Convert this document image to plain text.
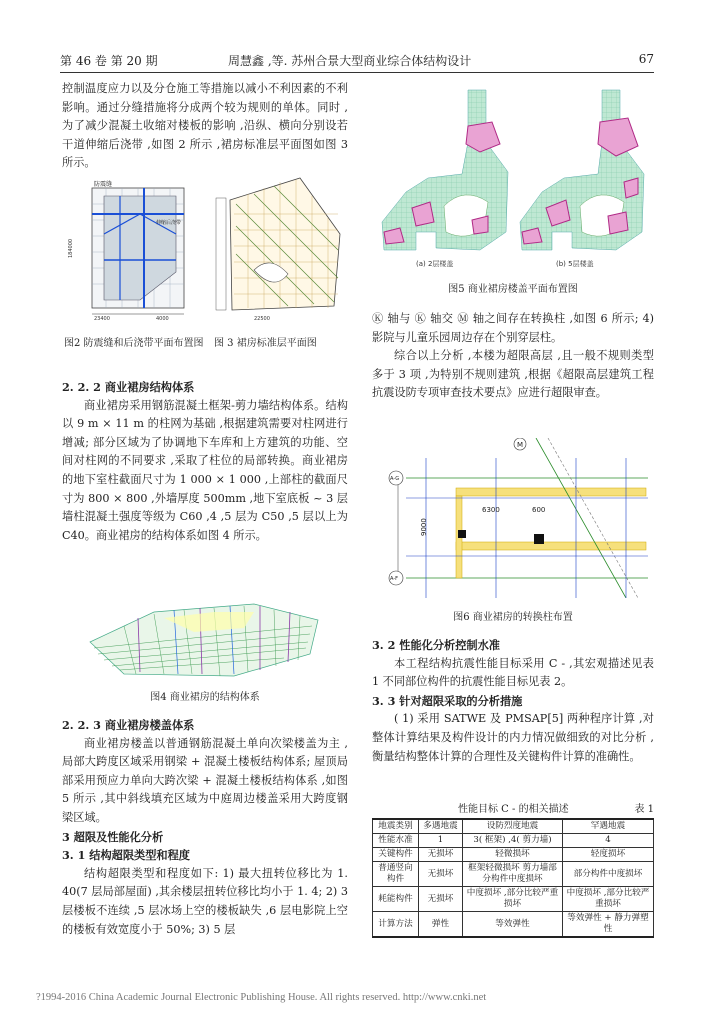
第 46 卷 第 20 期	周慧鑫 ,等. 苏州合景大型商业综合体结构设计	67

控制温度应力以及分仓施工等措施以减小不利因素的不利影响。通过分缝措施将分成两个较为规则的单体。同时 ,为了减少混凝土收缩对楼板的影响 ,沿纵、横向分别设若干道伸缩后浇带 ,如图 2 所示 ,裙房标准层平面图如图 3 所示。

防震缝
伸缩后浇带
184000
23400	4000	22500
图2 防震缝和后浇带平面布置图 图 3 裙房标准层平面图

2. 2. 2 商业裙房结构体系

商业裙房采用钢筋混凝土框架-剪力墙结构体系。结构以 9 m × 11 m 的柱网为基础 ,根据建筑需要对柱网进行增减; 部分区域为了协调地下车库和上方建筑的功能、空间对柱网的不同要求 ,采取了柱位的局部转换。商业裙房的地下室柱截面尺寸为 1 000 × 1 000 ,上部柱的截面尺寸为 800 × 800 ,外墙厚度 500mm ,地下室底板 ~ 3 层墙柱混凝土强度等级为 C60 ,4 ,5 层为 C50 ,5 层以上为 C40。商业裙房的结构体系如图 4 所示。

图4 商业裙房的结构体系

2. 2. 3 商业裙房楼盖体系

商业裙房楼盖以普通钢筋混凝土单向次梁楼盖为主 ,局部大跨度区域采用钢梁 + 混凝土楼板结构体系; 屋顶局部采用预应力单向大跨次梁 + 混凝土楼板结构体系 ,如图 5 所示 ,其中斜线填充区域为中庭周边楼盖采用大跨度钢梁区域。

3 超限及性能化分析

3. 1 结构超限类型和程度

结构超限类型和程度如下: 1) 最大扭转位移比为 1. 40(7 层局部屋面) ,其余楼层扭转位移比均小于 1. 4; 2) 3 层楼板不连续 ,5 层冰场上空的楼板缺失 ,6 层电影院上空的楼板有效宽度小于 50%; 3) 5 层

(a) 2层楼盖	(b) 5层楼盖
图5 商业裙房楼盖平面布置图

Ⓚ 轴与 Ⓚ 轴交 Ⓜ 轴之间存在转换柱 ,如图 6 所示; 4) 影院与儿童乐园周边存在个别穿层柱。

综合以上分析 ,本楼为超限高层 ,且一般不规则类型多于 3 项 ,为特别不规则建筑 ,根据《超限高层建筑工程抗震设防专项审查技术要点》应进行超限审查。

A-G
A-F
M
6300	600
9000
图6 商业裙房的转换柱布置

3. 2 性能化分析控制水准

本工程结构抗震性能目标采用 C - ,其宏观描述见表 1 不同部位构件的抗震性能目标见表 2。

3. 3 针对超限采取的分析措施

( 1) 采用 SATWE 及 PMSAP[5] 两种程序计算 ,对整体计算结果及构件设计的内力情况做细致的对比分析 ,衡量结构整体计算的合理性及关键构件计算的准确性。

性能目标 C - 的相关描述	表 1
地震类别	多遇地震	设防烈度地震	罕遇地震
性能水准	1	3( 框架) ,4( 剪力墙)	4
关键构件	无损坏	轻微损坏	轻度损坏
普通竖向构件	无损坏	框架轻微损坏 剪力墙部分构件中度损坏	部分构件中度损坏
耗能构件	无损坏	中度损坏 ,部分比较严重损坏	中度损坏 ,部分比较严重损坏
计算方法	弹性	等效弹性	等效弹性 + 静力弹塑性
?1994-2016 China Academic Journal Electronic Publishing House. All rights reserved. http://www.cnki.net
